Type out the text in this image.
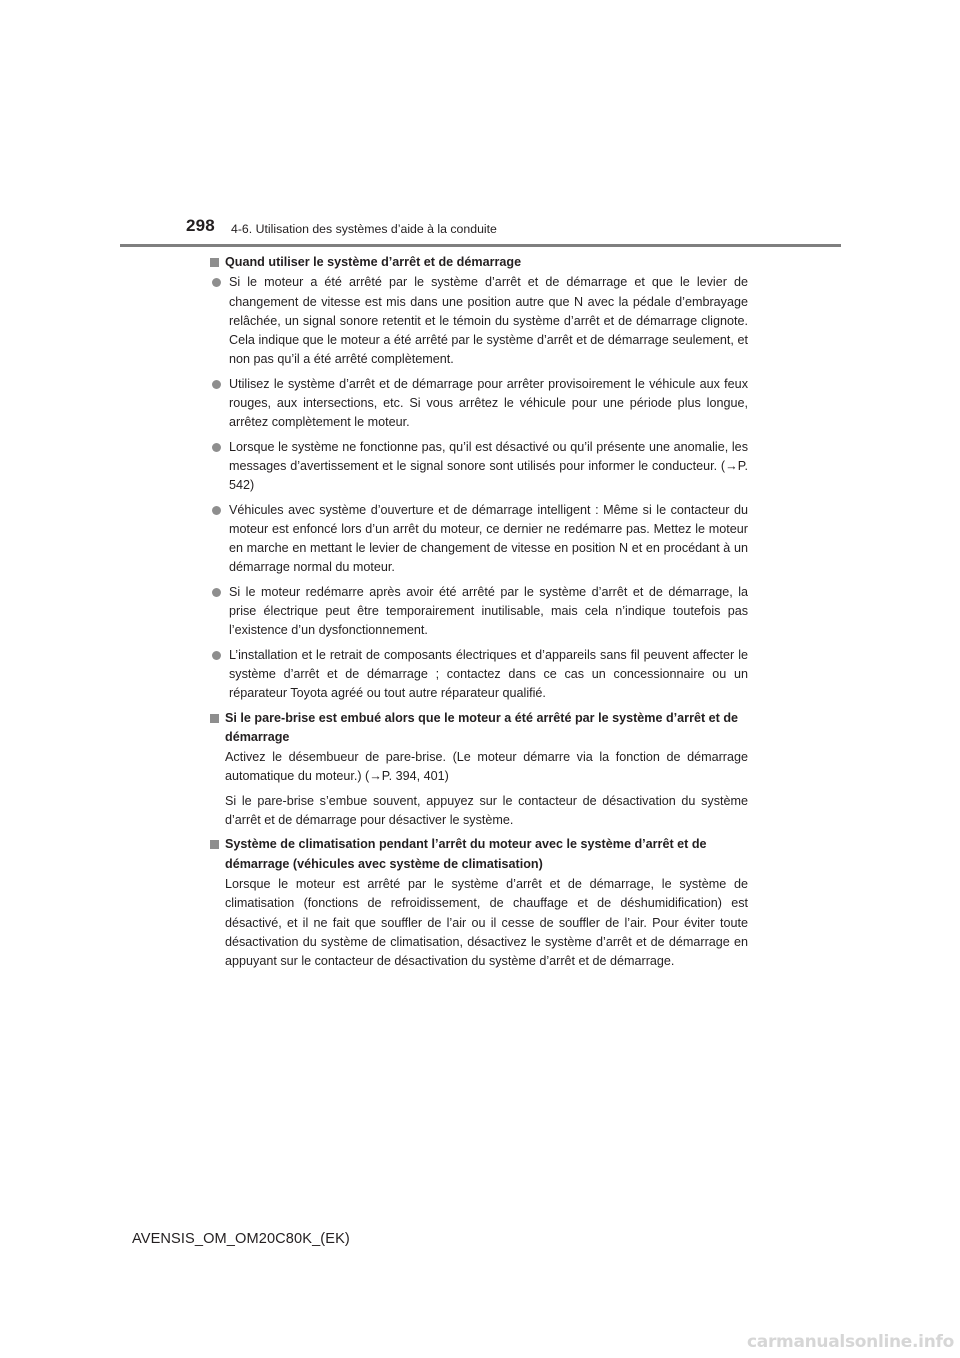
298 4-6. Utilisation des systèmes d’aide à la conduite
Quand utiliser le système d’arrêt et de démarrage
Si le moteur a été arrêté par le système d’arrêt et de démarrage et que le levier de changement de vitesse est mis dans une position autre que N avec la pédale d’embrayage relâchée, un signal sonore retentit et le témoin du système d’arrêt et de démarrage clignote. Cela indique que le moteur a été arrêté par le système d’arrêt et de démarrage seulement, et non pas qu’il a été arrêté complètement.
Utilisez le système d’arrêt et de démarrage pour arrêter provisoirement le véhicule aux feux rouges, aux intersections, etc. Si vous arrêtez le véhicule pour une période plus longue, arrêtez complètement le moteur.
Lorsque le système ne fonctionne pas, qu’il est désactivé ou qu’il présente une anomalie, les messages d’avertissement et le signal sonore sont utilisés pour informer le conducteur. (→P. 542)
Véhicules avec système d’ouverture et de démarrage intelligent : Même si le contacteur du moteur est enfoncé lors d’un arrêt du moteur, ce dernier ne redémarre pas. Mettez le moteur en marche en mettant le levier de changement de vitesse en position N et en procédant à un démarrage normal du moteur.
Si le moteur redémarre après avoir été arrêté par le système d’arrêt et de démarrage, la prise électrique peut être temporairement inutilisable, mais cela n’indique toutefois pas l’existence d’un dysfonctionnement.
L’installation et le retrait de composants électriques et d’appareils sans fil peuvent affecter le système d’arrêt et de démarrage ; contactez dans ce cas un concessionnaire ou un réparateur Toyota agréé ou tout autre réparateur qualifié.
Si le pare-brise est embué alors que le moteur a été arrêté par le système d’arrêt et de démarrage
Activez le désembueur de pare-brise. (Le moteur démarre via la fonction de démarrage automatique du moteur.) (→P. 394, 401)
Si le pare-brise s’embue souvent, appuyez sur le contacteur de désactivation du système d’arrêt et de démarrage pour désactiver le système.
Système de climatisation pendant l’arrêt du moteur avec le système d’arrêt et de démarrage (véhicules avec système de climatisation)
Lorsque le moteur est arrêté par le système d’arrêt et de démarrage, le système de climatisation (fonctions de refroidissement, de chauffage et de déshumidification) est désactivé, et il ne fait que souffler de l’air ou il cesse de souffler de l’air. Pour éviter toute désactivation du système de climatisation, désactivez le système d’arrêt et de démarrage en appuyant sur le contacteur de désactivation du système d’arrêt et de démarrage.
AVENSIS_OM_OM20C80K_(EK)
carmanualsonline.info
